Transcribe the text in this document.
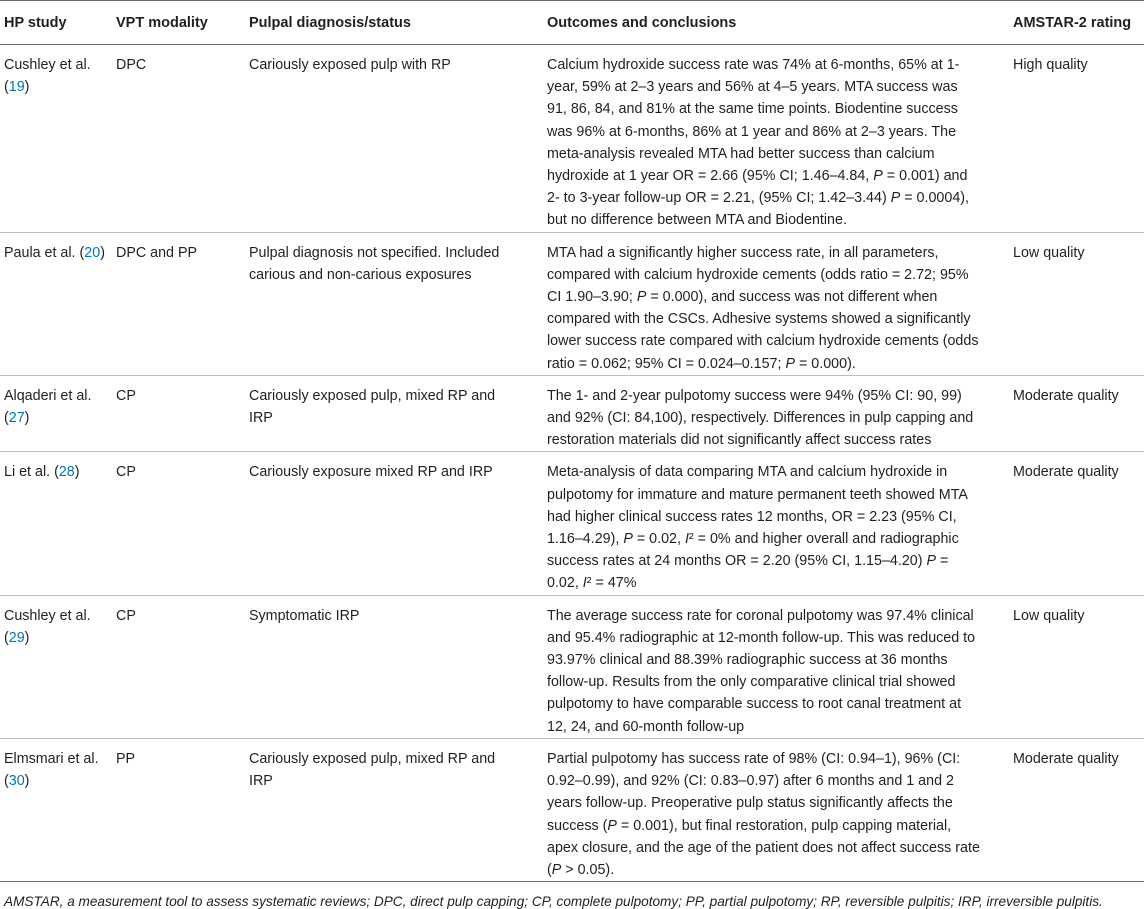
HP study	VPT modality	Pulpal diagnosis/status	Outcomes and conclusions	AMSTAR-2 rating
Cushley et al. (19)	DPC	Cariously exposed pulp with RP	Calcium hydroxide success rate was 74% at 6-months, 65% at 1-year, 59% at 2–3 years and 56% at 4–5 years. MTA success was 91, 86, 84, and 81% at the same time points. Biodentine success was 96% at 6-months, 86% at 1 year and 86% at 2–3 years. The meta-analysis revealed MTA had better success than calcium hydroxide at 1 year OR = 2.66 (95% CI; 1.46–4.84, P = 0.001) and 2- to 3-year follow-up OR = 2.21, (95% CI; 1.42–3.44) P = 0.0004), but no difference between MTA and Biodentine.	High quality
Paula et al. (20)	DPC and PP	Pulpal diagnosis not specified. Included carious and non-carious exposures	MTA had a significantly higher success rate, in all parameters, compared with calcium hydroxide cements (odds ratio = 2.72; 95% CI 1.90–3.90; P = 0.000), and success was not different when compared with the CSCs. Adhesive systems showed a significantly lower success rate compared with calcium hydroxide cements (odds ratio = 0.062; 95% CI = 0.024–0.157; P = 0.000).	Low quality
Alqaderi et al. (27)	CP	Cariously exposed pulp, mixed RP and IRP	The 1- and 2-year pulpotomy success were 94% (95% CI: 90, 99) and 92% (CI: 84,100), respectively. Differences in pulp capping and restoration materials did not significantly affect success rates	Moderate quality
Li et al. (28)	CP	Cariously exposure mixed RP and IRP	Meta-analysis of data comparing MTA and calcium hydroxide in pulpotomy for immature and mature permanent teeth showed MTA had higher clinical success rates 12 months, OR = 2.23 (95% CI, 1.16–4.29), P = 0.02, I² = 0% and higher overall and radiographic success rates at 24 months OR = 2.20 (95% CI, 1.15–4.20) P = 0.02, I² = 47%	Moderate quality
Cushley et al. (29)	CP	Symptomatic IRP	The average success rate for coronal pulpotomy was 97.4% clinical and 95.4% radiographic at 12-month follow-up. This was reduced to 93.97% clinical and 88.39% radiographic success at 36 months follow-up. Results from the only comparative clinical trial showed pulpotomy to have comparable success to root canal treatment at 12, 24, and 60-month follow-up	Low quality
Elmsmari et al. (30)	PP	Cariously exposed pulp, mixed RP and IRP	Partial pulpotomy has success rate of 98% (CI: 0.94–1), 96% (CI: 0.92–0.99), and 92% (CI: 0.83–0.97) after 6 months and 1 and 2 years follow-up. Preoperative pulp status significantly affects the success (P = 0.001), but final restoration, pulp capping material, apex closure, and the age of the patient does not affect success rate (P > 0.05).	Moderate quality
AMSTAR, a measurement tool to assess systematic reviews; DPC, direct pulp capping; CP, complete pulpotomy; PP, partial pulpotomy; RP, reversible pulpitis; IRP, irreversible pulpitis.
